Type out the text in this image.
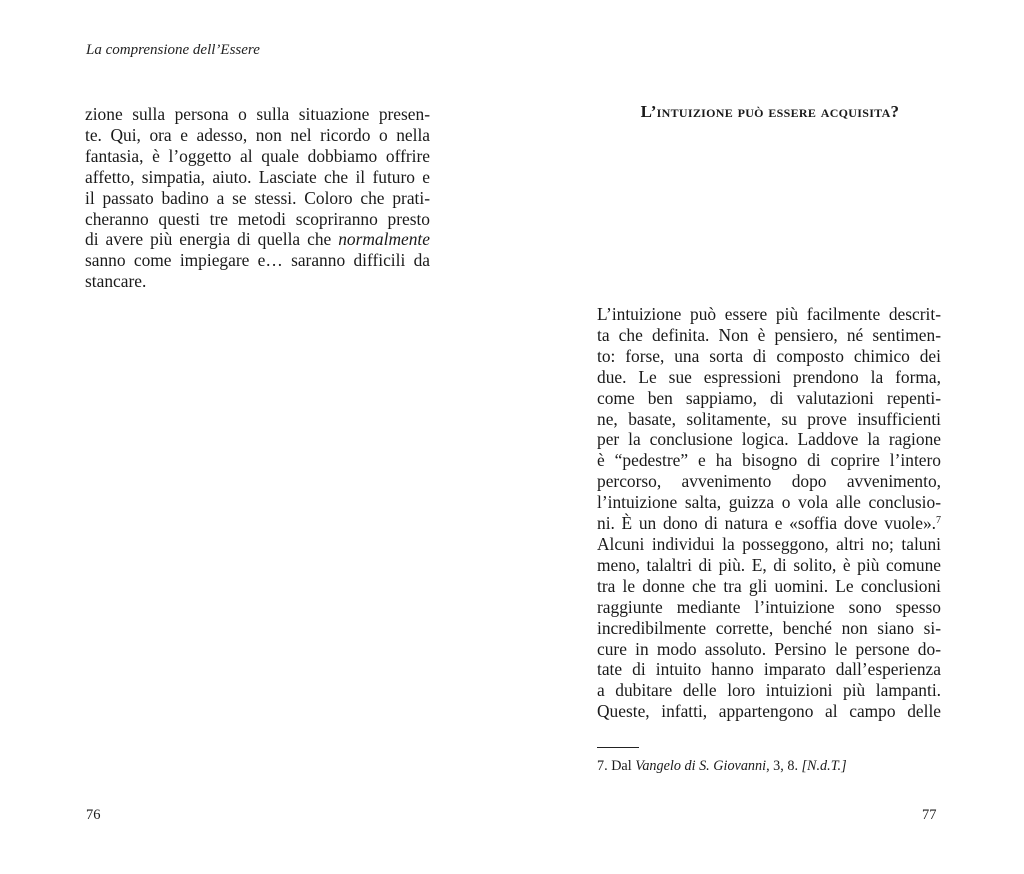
La comprensione dell’Essere
zione sulla persona o sulla situazione presen-
te. Qui, ora e adesso, non nel ricordo o nella
fantasia, è l’oggetto al quale dobbiamo offrire
affetto, simpatia, aiuto. Lasciate che il futuro e
il passato badino a se stessi. Coloro che prati-
cheranno questi tre metodi scopriranno presto
di avere più energia di quella che normalmente
sanno come impiegare e… saranno difficili da
stancare.
76
L’intuizione può essere acquisita?
L’intuizione può essere più facilmente descrit-
ta che definita. Non è pensiero, né sentimen-
to: forse, una sorta di composto chimico dei
due. Le sue espressioni prendono la forma,
come ben sappiamo, di valutazioni repenti-
ne, basate, solitamente, su prove insufficienti
per la conclusione logica. Laddove la ragione
è “pedestre” e ha bisogno di coprire l’intero
percorso, avvenimento dopo avvenimento,
l’intuizione salta, guizza o vola alle conclusio-
ni. È un dono di natura e «soffia dove vuole».$^7$
Alcuni individui la posseggono, altri no; taluni
meno, talaltri di più. E, di solito, è più comune
tra le donne che tra gli uomini. Le conclusioni
raggiunte mediante l’intuizione sono spesso
incredibilmente corrette, benché non siano si-
cure in modo assoluto. Persino le persone do-
tate di intuito hanno imparato dall’esperienza
a dubitare delle loro intuizioni più lampanti.
Queste, infatti, appartengono al campo delle
7. Dal Vangelo di S. Giovanni, 3, 8. [N.d.T.]
77
